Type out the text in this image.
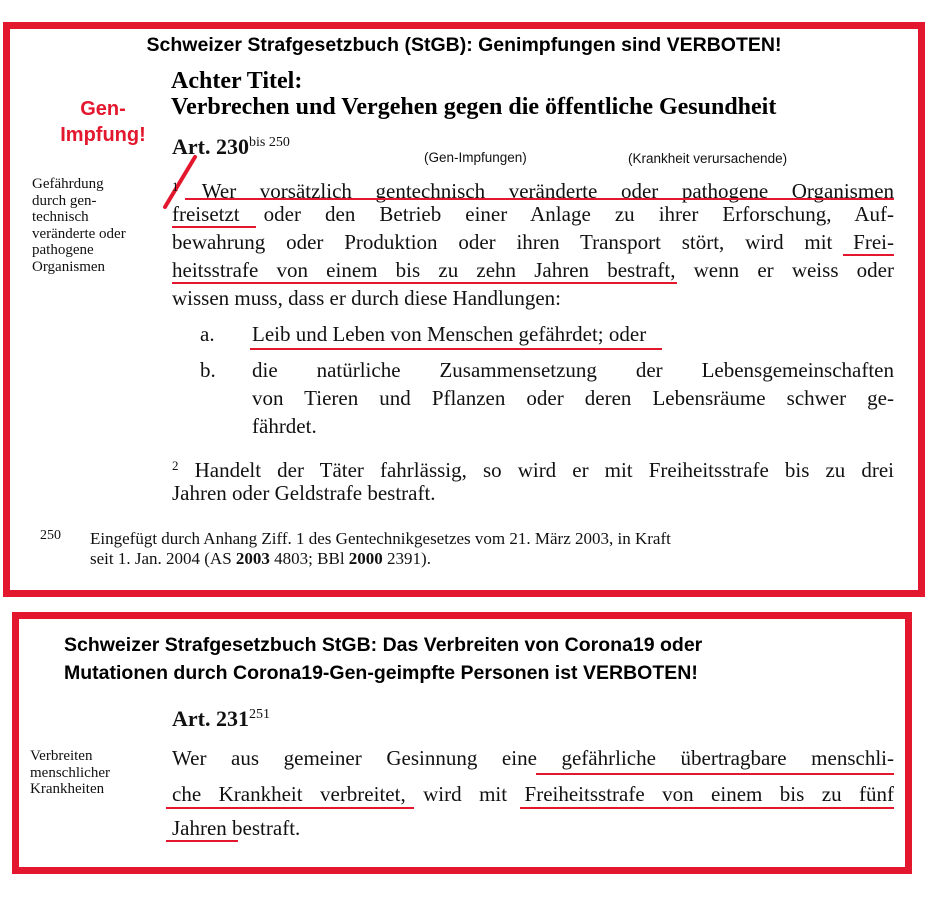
Schweizer Strafgesetzbuch (StGB): Genimpfungen sind VERBOTEN!
Achter Titel:
Verbrechen und Vergehen gegen die öffentliche Gesundheit
Gen-
Impfung!	Art. $230^{bis 250}$
(Gen-Impfungen)	(Krankheit verursachende)
Gefährdung
durch gen-
technisch
veränderte oder
pathogene
Organismen
$^1$ Wer vorsätzlich gentechnisch veränderte oder pathogene Organismen
freisetzt oder den Betrieb einer Anlage zu ihrer Erforschung, Auf-
bewahrung oder Produktion oder ihren Transport stört, wird mit Frei-
heitsstrafe von einem bis zu zehn Jahren bestraft, wenn er weiss oder
wissen muss, dass er durch diese Handlungen:
a. Leib und Leben von Menschen gefährdet; oder
b. die natürliche Zusammensetzung der Lebensgemeinschaften
von Tieren und Pflanzen oder deren Lebensräume schwer ge-
fährdet.
$^2$ Handelt der Täter fahrlässig, so wird er mit Freiheitsstrafe bis zu drei
Jahren oder Geldstrafe bestraft.
250 Eingefügt durch Anhang Ziff. 1 des Gentechnikgesetzes vom 21. März 2003, in Kraft
seit 1. Jan. 2004 (AS 2003 4803; BBl 2000 2391).
Schweizer Strafgesetzbuch StGB: Das Verbreiten von Corona19 oder
Mutationen durch Corona19-Gen-geimpfte Personen ist VERBOTEN!
Art. $231^{251}$
Verbreiten
menschlicher
Krankheiten
Wer aus gemeiner Gesinnung eine gefährliche übertragbare menschli-
che Krankheit verbreitet, wird mit Freiheitsstrafe von einem bis zu fünf
Jahren bestraft.
